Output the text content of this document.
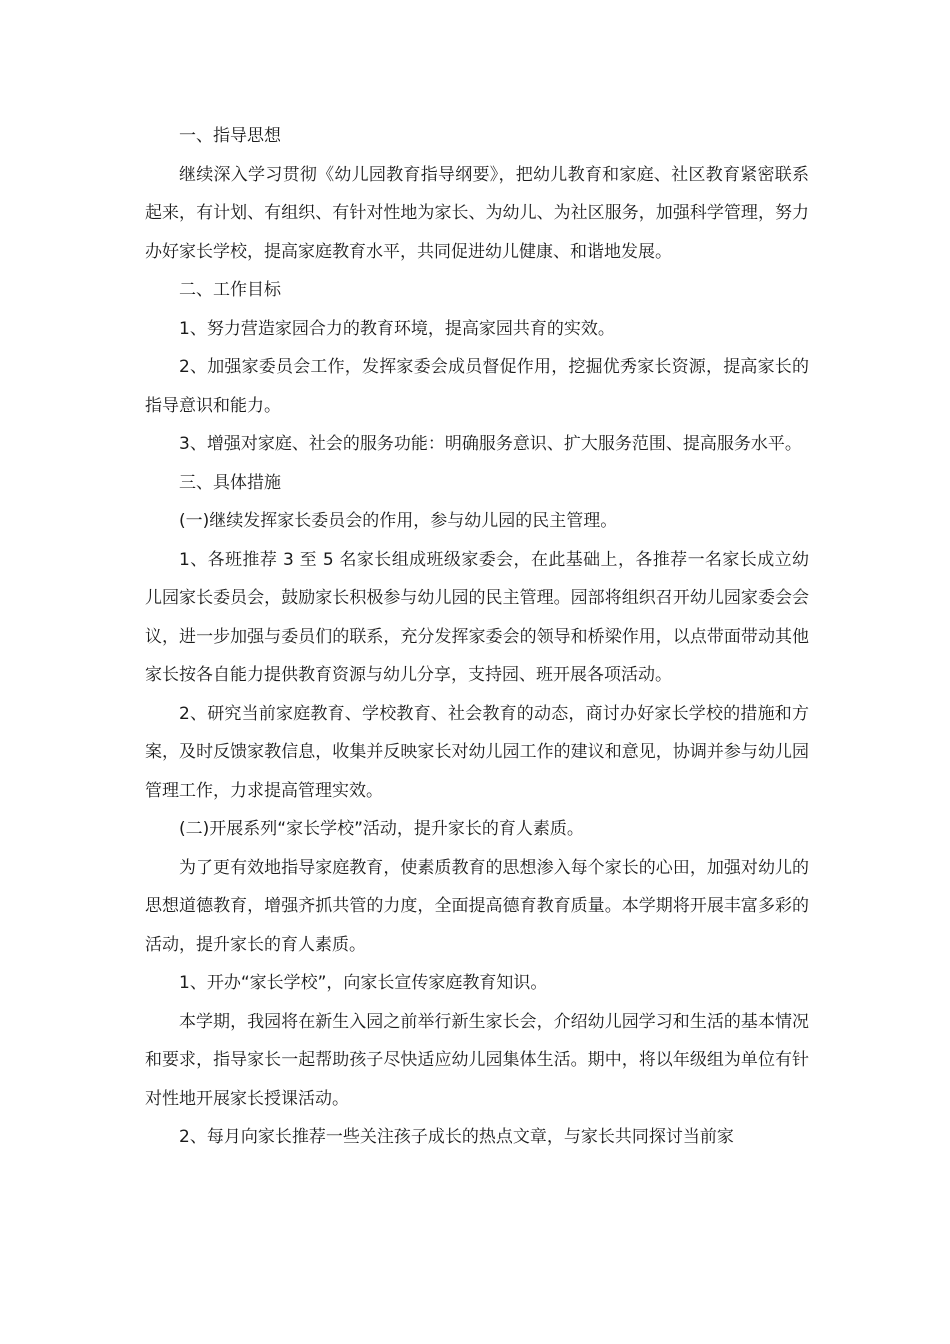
一、指导思想

继续深入学习贯彻《幼儿园教育指导纲要》，把幼儿教育和家庭、社区教育紧密联系起来，有计划、有组织、有针对性地为家长、为幼儿、为社区服务，加强科学管理，努力办好家长学校，提高家庭教育水平，共同促进幼儿健康、和谐地发展。

二、工作目标

1、努力营造家园合力的教育环境，提高家园共育的实效。

2、加强家委员会工作，发挥家委会成员督促作用，挖掘优秀家长资源，提高家长的指导意识和能力。

3、增强对家庭、社会的服务功能：明确服务意识、扩大服务范围、提高服务水平。

三、具体措施

(一)继续发挥家长委员会的作用，参与幼儿园的民主管理。

1、各班推荐 3 至 5 名家长组成班级家委会，在此基础上，各推荐一名家长成立幼儿园家长委员会，鼓励家长积极参与幼儿园的民主管理。园部将组织召开幼儿园家委会会议，进一步加强与委员们的联系，充分发挥家委会的领导和桥梁作用，以点带面带动其他家长按各自能力提供教育资源与幼儿分享，支持园、班开展各项活动。

2、研究当前家庭教育、学校教育、社会教育的动态，商讨办好家长学校的措施和方案，及时反馈家教信息，收集并反映家长对幼儿园工作的建议和意见，协调并参与幼儿园管理工作，力求提高管理实效。

(二)开展系列“家长学校”活动，提升家长的育人素质。

为了更有效地指导家庭教育，使素质教育的思想渗入每个家长的心田，加强对幼儿的思想道德教育，增强齐抓共管的力度，全面提高德育教育质量。本学期将开展丰富多彩的活动，提升家长的育人素质。

1、开办“家长学校”，向家长宣传家庭教育知识。

本学期，我园将在新生入园之前举行新生家长会，介绍幼儿园学习和生活的基本情况和要求，指导家长一起帮助孩子尽快适应幼儿园集体生活。期中，将以年级组为单位有针对性地开展家长授课活动。

2、每月向家长推荐一些关注孩子成长的热点文章，与家长共同探讨当前家
